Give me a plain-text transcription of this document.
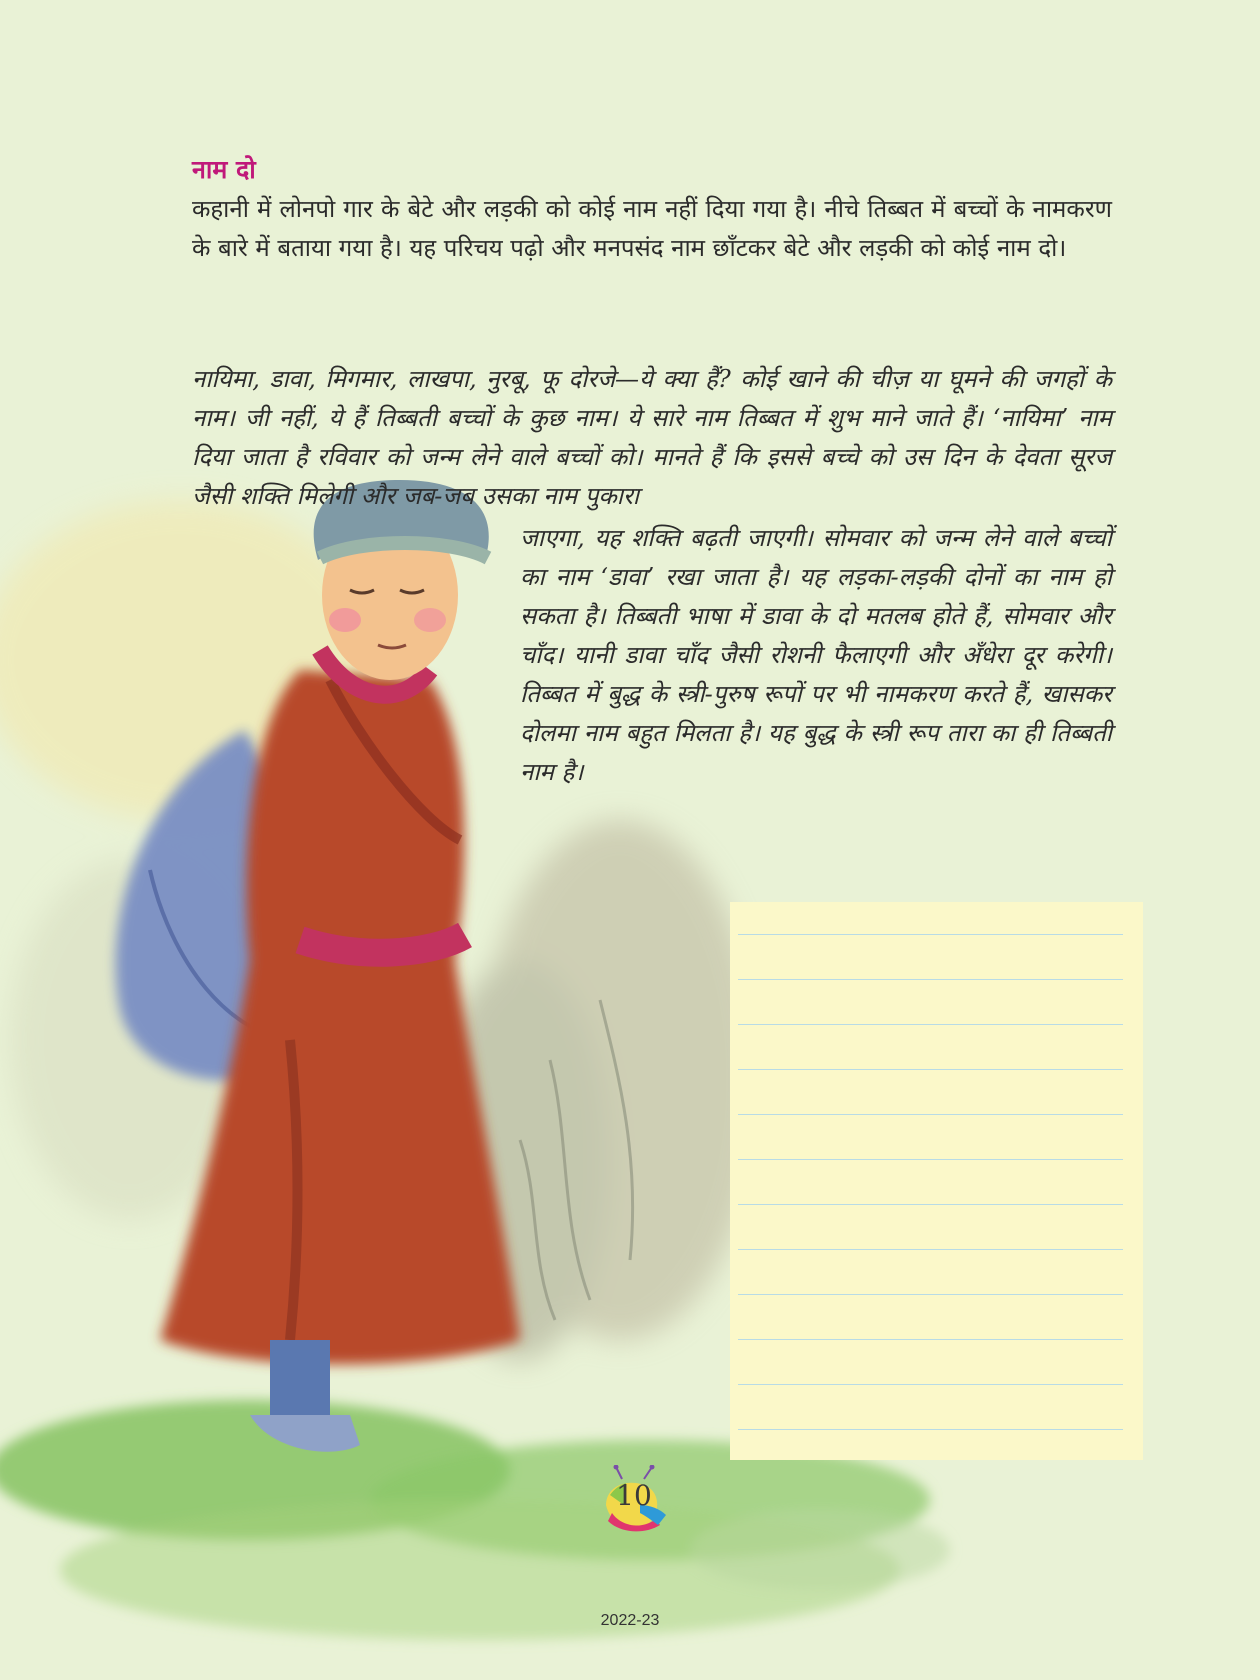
नाम दो

कहानी में लोनपो गार के बेटे और लड़की को कोई नाम नहीं दिया गया है। नीचे तिब्बत में बच्चों के नामकरण के बारे में बताया गया है। यह परिचय पढ़ो और मनपसंद नाम छाँटकर बेटे और लड़की को कोई नाम दो।

नायिमा, डावा, मिगमार, लाखपा, नुरबू, फू दोरजे—ये क्या हैं? कोई खाने की चीज़ या घूमने की जगहों के नाम। जी नहीं, ये हैं तिब्बती बच्चों के कुछ नाम। ये सारे नाम तिब्बत में शुभ माने जाते हैं। ‘नायिमा’ नाम दिया जाता है रविवार को जन्म लेने वाले बच्चों को। मानते हैं कि इससे बच्चे को उस दिन के देवता सूरज जैसी शक्ति मिलेगी और जब-जब उसका नाम पुकारा

जाएगा, यह शक्ति बढ़ती जाएगी। सोमवार को जन्म लेने वाले बच्चों का नाम ‘डावा’ रखा जाता है। यह लड़का-लड़की दोनों का नाम हो सकता है। तिब्बती भाषा में डावा के दो मतलब होते हैं, सोमवार और चाँद। यानी डावा चाँद जैसी रोशनी फैलाएगी और अँधेरा दूर करेगी। तिब्बत में बुद्ध के स्त्री-पुरुष रूपों पर भी नामकरण करते हैं, खासकर दोलमा नाम बहुत मिलता है। यह बुद्ध के स्त्री रूप तारा का ही तिब्बती नाम है।

10
2022-23
